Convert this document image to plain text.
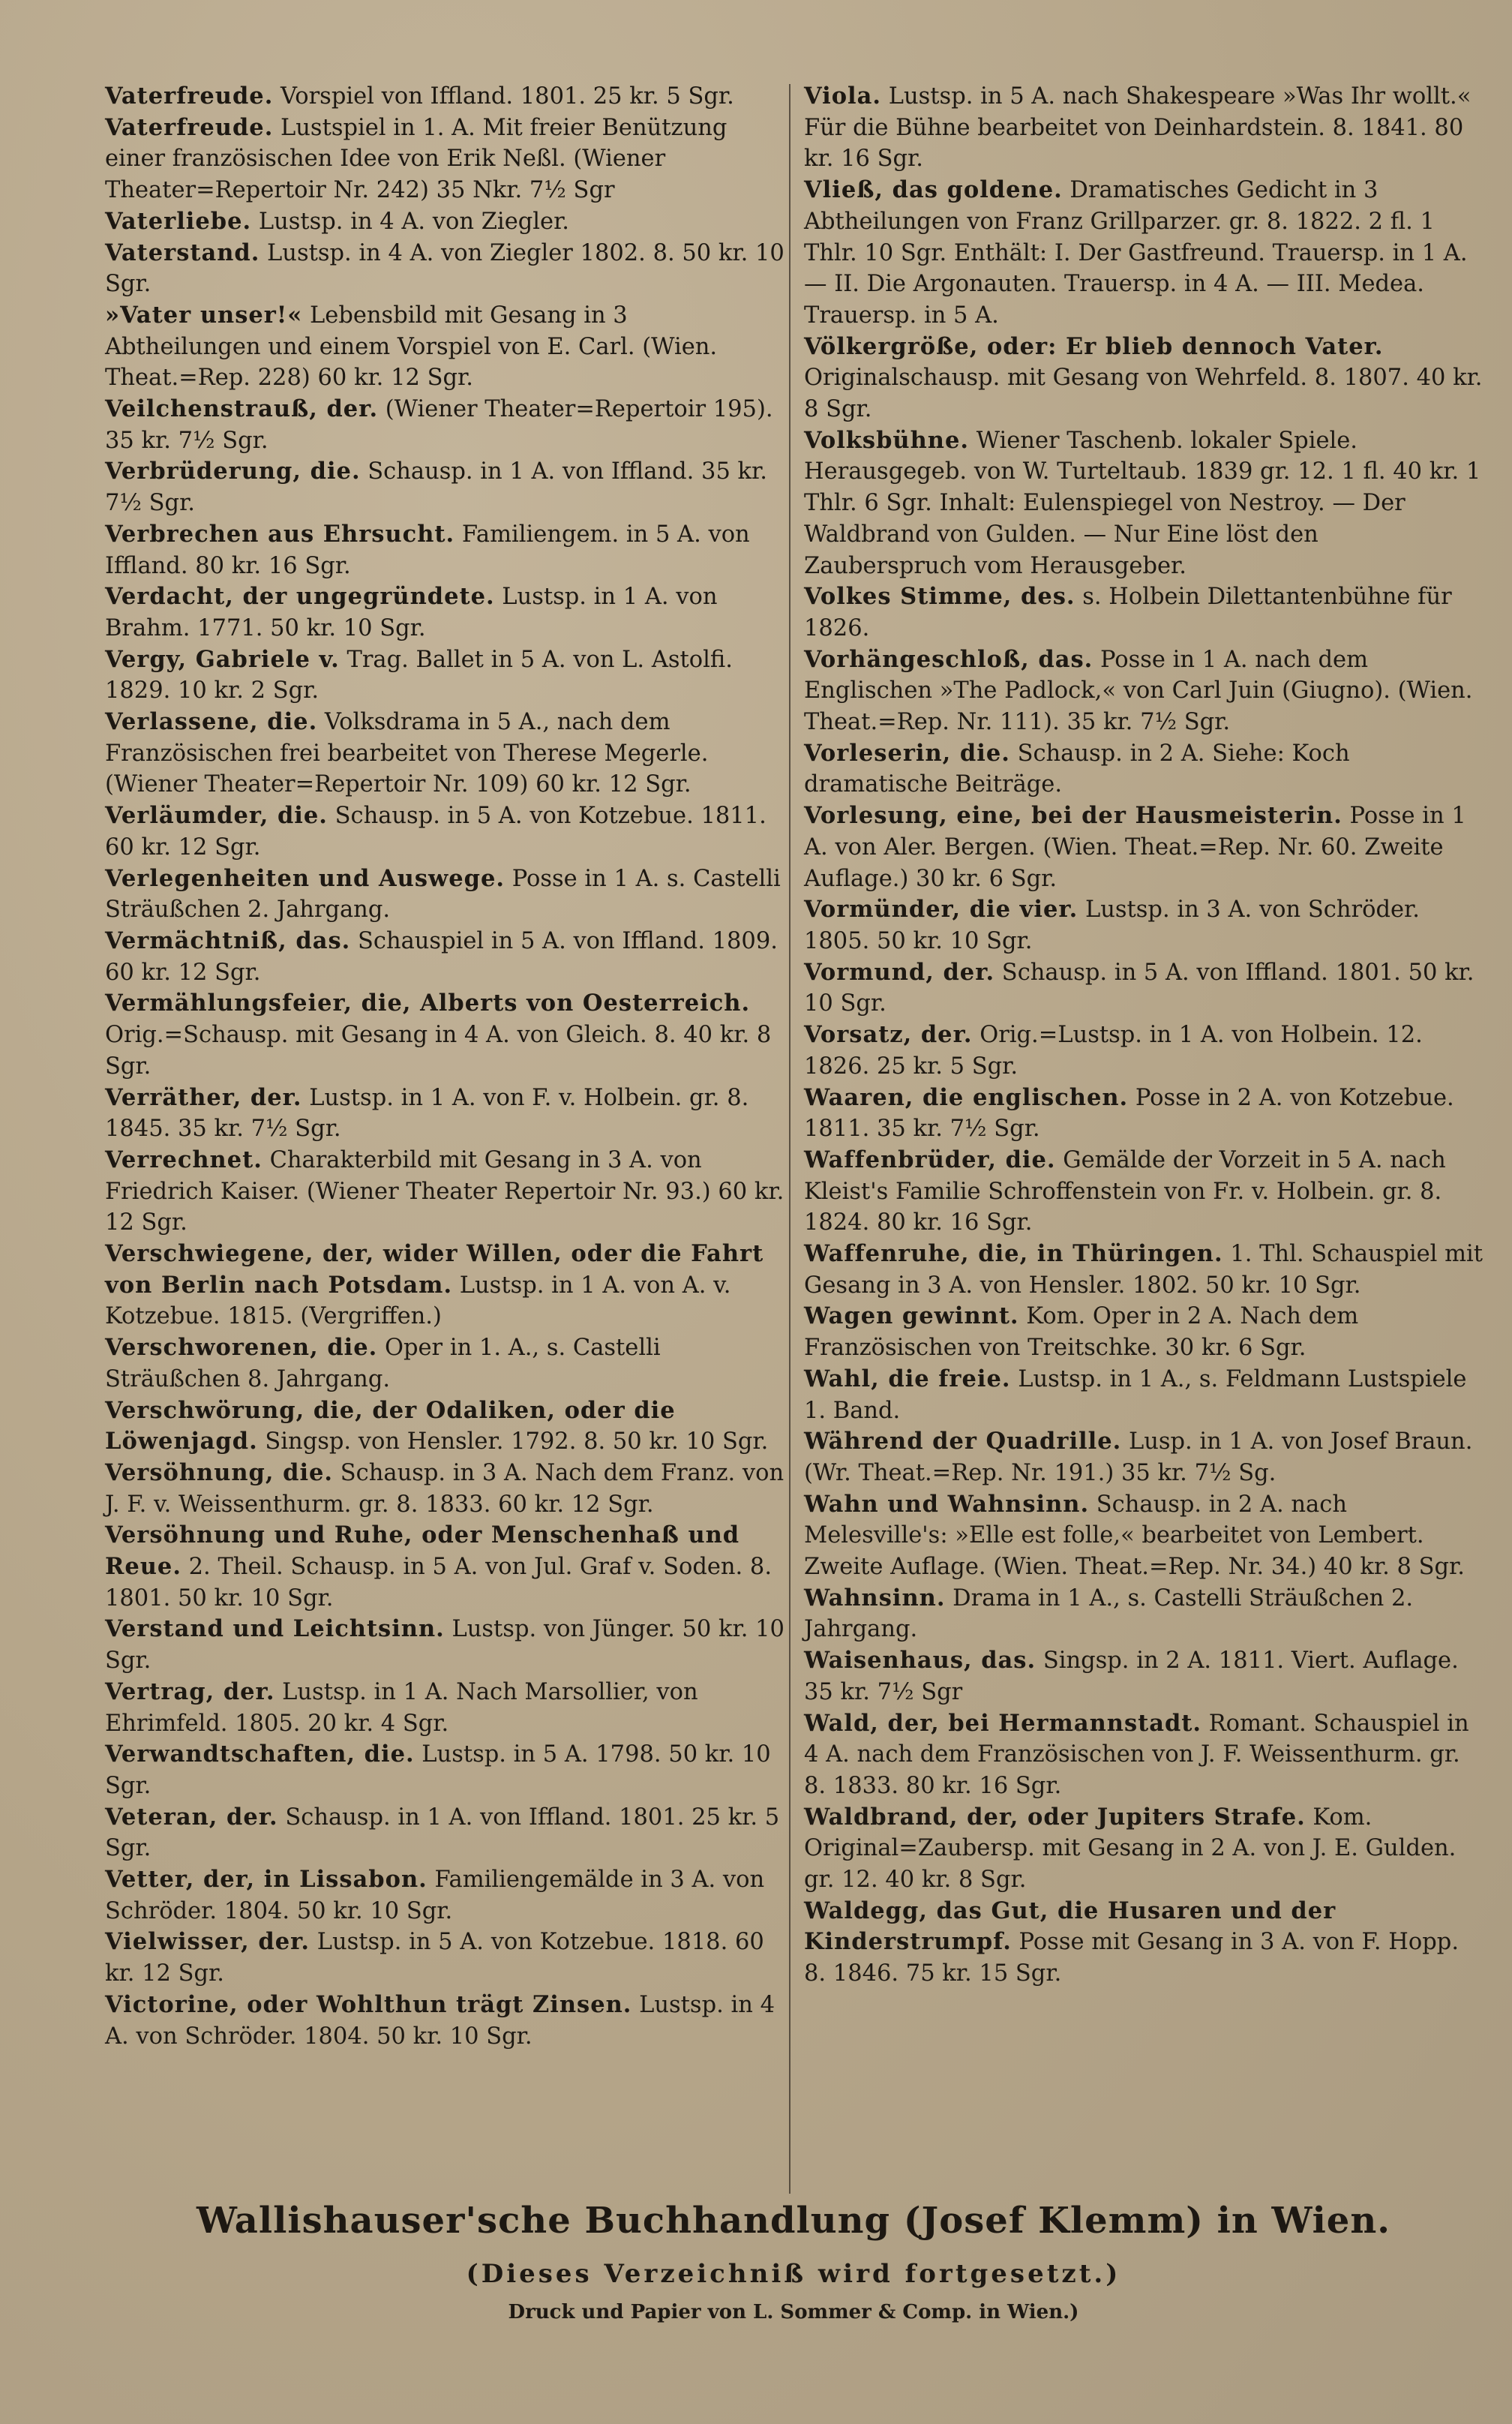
Vaterfreude. Vorspiel von Iffland. 1801. 25 kr. 5 Sgr.

Vaterfreude. Lustspiel in 1. A. Mit freier Benützung einer französischen Idee von Erik Neßl. (Wiener Theater=Repertoir Nr. 242) 35 Nkr. 7½ Sgr

Vaterliebe. Lustsp. in 4 A. von Ziegler.

Vaterstand. Lustsp. in 4 A. von Ziegler 1802. 8. 50 kr. 10 Sgr.

»Vater unser!« Lebensbild mit Gesang in 3 Abtheilungen und einem Vorspiel von E. Carl. (Wien. Theat.=Rep. 228) 60 kr. 12 Sgr.

Veilchenstrauß, der. (Wiener Theater=Repertoir 195). 35 kr. 7½ Sgr.

Verbrüderung, die. Schausp. in 1 A. von Iffland. 35 kr. 7½ Sgr.

Verbrechen aus Ehrsucht. Familiengem. in 5 A. von Iffland. 80 kr. 16 Sgr.

Verdacht, der ungegründete. Lustsp. in 1 A. von Brahm. 1771. 50 kr. 10 Sgr.

Vergy, Gabriele v. Trag. Ballet in 5 A. von L. Astolfi. 1829. 10 kr. 2 Sgr.

Verlassene, die. Volksdrama in 5 A., nach dem Französischen frei bearbeitet von Therese Megerle. (Wiener Theater=Repertoir Nr. 109) 60 kr. 12 Sgr.

Verläumder, die. Schausp. in 5 A. von Kotzebue. 1811. 60 kr. 12 Sgr.

Verlegenheiten und Auswege. Posse in 1 A. s. Castelli Sträußchen 2. Jahrgang.

Vermächtniß, das. Schauspiel in 5 A. von Iffland. 1809. 60 kr. 12 Sgr.

Vermählungsfeier, die, Alberts von Oesterreich. Orig.=Schausp. mit Gesang in 4 A. von Gleich. 8. 40 kr. 8 Sgr.

Verräther, der. Lustsp. in 1 A. von F. v. Holbein. gr. 8. 1845. 35 kr. 7½ Sgr.

Verrechnet. Charakterbild mit Gesang in 3 A. von Friedrich Kaiser. (Wiener Theater Repertoir Nr. 93.) 60 kr. 12 Sgr.

Verschwiegene, der, wider Willen, oder die Fahrt von Berlin nach Potsdam. Lustsp. in 1 A. von A. v. Kotzebue. 1815. (Vergriffen.)

Verschworenen, die. Oper in 1. A., s. Castelli Sträußchen 8. Jahrgang.

Verschwörung, die, der Odaliken, oder die Löwenjagd. Singsp. von Hensler. 1792. 8. 50 kr. 10 Sgr.

Versöhnung, die. Schausp. in 3 A. Nach dem Franz. von J. F. v. Weissenthurm. gr. 8. 1833. 60 kr. 12 Sgr.

Versöhnung und Ruhe, oder Menschenhaß und Reue. 2. Theil. Schausp. in 5 A. von Jul. Graf v. Soden. 8. 1801. 50 kr. 10 Sgr.

Verstand und Leichtsinn. Lustsp. von Jünger. 50 kr. 10 Sgr.

Vertrag, der. Lustsp. in 1 A. Nach Marsollier, von Ehrimfeld. 1805. 20 kr. 4 Sgr.

Verwandtschaften, die. Lustsp. in 5 A. 1798. 50 kr. 10 Sgr.

Veteran, der. Schausp. in 1 A. von Iffland. 1801. 25 kr. 5 Sgr.

Vetter, der, in Lissabon. Familiengemälde in 3 A. von Schröder. 1804. 50 kr. 10 Sgr.

Vielwisser, der. Lustsp. in 5 A. von Kotzebue. 1818. 60 kr. 12 Sgr.

Victorine, oder Wohlthun trägt Zinsen. Lustsp. in 4 A. von Schröder. 1804. 50 kr. 10 Sgr.

Viola. Lustsp. in 5 A. nach Shakespeare »Was Ihr wollt.« Für die Bühne bearbeitet von Deinhardstein. 8. 1841. 80 kr. 16 Sgr.

Vließ, das goldene. Dramatisches Gedicht in 3 Abtheilungen von Franz Grillparzer. gr. 8. 1822. 2 fl. 1 Thlr. 10 Sgr. Enthält: I. Der Gastfreund. Trauersp. in 1 A. — II. Die Argonauten. Trauersp. in 4 A. — III. Medea. Trauersp. in 5 A.

Völkergröße, oder: Er blieb dennoch Vater. Originalschausp. mit Gesang von Wehrfeld. 8. 1807. 40 kr. 8 Sgr.

Volksbühne. Wiener Taschenb. lokaler Spiele. Herausgegeb. von W. Turteltaub. 1839 gr. 12. 1 fl. 40 kr. 1 Thlr. 6 Sgr. Inhalt: Eulenspiegel von Nestroy. — Der Waldbrand von Gulden. — Nur Eine löst den Zauberspruch vom Herausgeber.

Volkes Stimme, des. s. Holbein Dilettantenbühne für 1826.

Vorhängeschloß, das. Posse in 1 A. nach dem Englischen »The Padlock,« von Carl Juin (Giugno). (Wien. Theat.=Rep. Nr. 111). 35 kr. 7½ Sgr.

Vorleserin, die. Schausp. in 2 A. Siehe: Koch dramatische Beiträge.

Vorlesung, eine, bei der Hausmeisterin. Posse in 1 A. von Aler. Bergen. (Wien. Theat.=Rep. Nr. 60. Zweite Auflage.) 30 kr. 6 Sgr.

Vormünder, die vier. Lustsp. in 3 A. von Schröder. 1805. 50 kr. 10 Sgr.

Vormund, der. Schausp. in 5 A. von Iffland. 1801. 50 kr. 10 Sgr.

Vorsatz, der. Orig.=Lustsp. in 1 A. von Holbein. 12. 1826. 25 kr. 5 Sgr.

Waaren, die englischen. Posse in 2 A. von Kotzebue. 1811. 35 kr. 7½ Sgr.

Waffenbrüder, die. Gemälde der Vorzeit in 5 A. nach Kleist's Familie Schroffenstein von Fr. v. Holbein. gr. 8. 1824. 80 kr. 16 Sgr.

Waffenruhe, die, in Thüringen. 1. Thl. Schauspiel mit Gesang in 3 A. von Hensler. 1802. 50 kr. 10 Sgr.

Wagen gewinnt. Kom. Oper in 2 A. Nach dem Französischen von Treitschke. 30 kr. 6 Sgr.

Wahl, die freie. Lustsp. in 1 A., s. Feldmann Lustspiele 1. Band.

Während der Quadrille. Lusp. in 1 A. von Josef Braun. (Wr. Theat.=Rep. Nr. 191.) 35 kr. 7½ Sg.

Wahn und Wahnsinn. Schausp. in 2 A. nach Melesville's: »Elle est folle,« bearbeitet von Lembert. Zweite Auflage. (Wien. Theat.=Rep. Nr. 34.) 40 kr. 8 Sgr.

Wahnsinn. Drama in 1 A., s. Castelli Sträußchen 2. Jahrgang.

Waisenhaus, das. Singsp. in 2 A. 1811. Viert. Auflage. 35 kr. 7½ Sgr

Wald, der, bei Hermannstadt. Romant. Schauspiel in 4 A. nach dem Französischen von J. F. Weissenthurm. gr. 8. 1833. 80 kr. 16 Sgr.

Waldbrand, der, oder Jupiters Strafe. Kom. Original=Zaubersp. mit Gesang in 2 A. von J. E. Gulden. gr. 12. 40 kr. 8 Sgr.

Waldegg, das Gut, die Husaren und der Kinderstrumpf. Posse mit Gesang in 3 A. von F. Hopp. 8. 1846. 75 kr. 15 Sgr.

Wallishauser'sche Buchhandlung (Josef Klemm) in Wien.

(Dieses Verzeichniß wird fortgesetzt.)

Druck und Papier von L. Sommer & Comp. in Wien.)
